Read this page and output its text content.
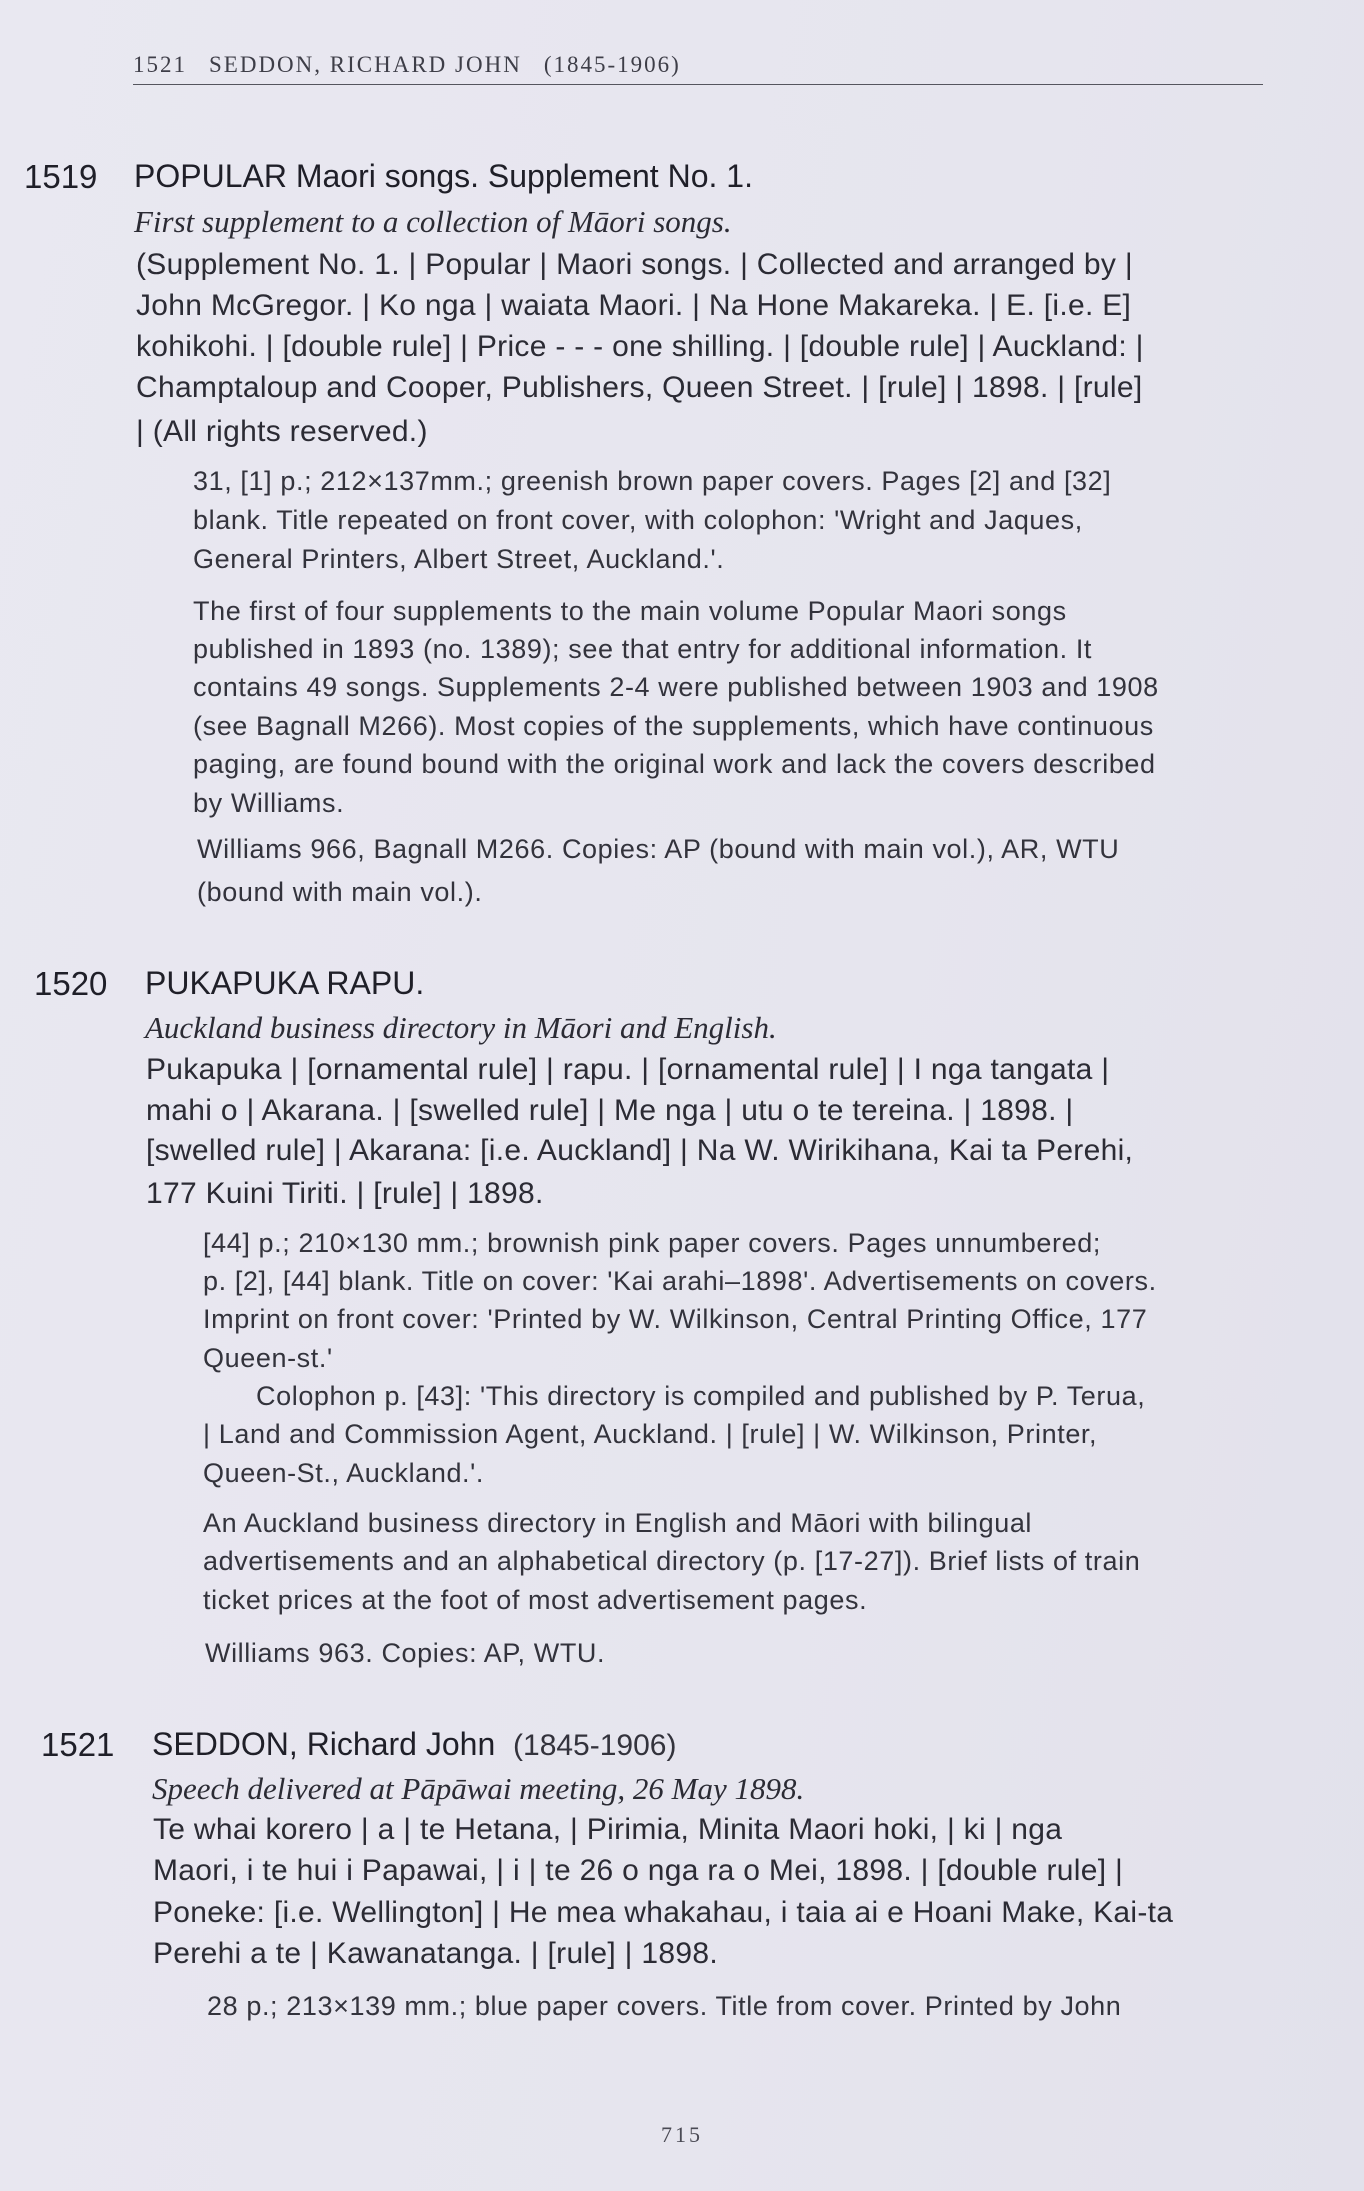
1521 SEDDON, RICHARD JOHN (1845-1906)
1519 POPULAR Maori songs. Supplement No. 1.
First supplement to a collection of Māori songs.
(Supplement No. 1. | Popular | Maori songs. | Collected and arranged by |
John McGregor. | Ko nga | waiata Maori. | Na Hone Makareka. | E. [i.e. E]
kohikohi. | [double rule] | Price - - - one shilling. | [double rule] | Auckland: |
Champtaloup and Cooper, Publishers, Queen Street. | [rule] | 1898. | [rule]
| (All rights reserved.)
31, [1] p.; 212×137mm.; greenish brown paper covers. Pages [2] and [32]
blank. Title repeated on front cover, with colophon: 'Wright and Jaques,
General Printers, Albert Street, Auckland.'.
The first of four supplements to the main volume Popular Maori songs
published in 1893 (no. 1389); see that entry for additional information. It
contains 49 songs. Supplements 2-4 were published between 1903 and 1908
(see Bagnall M266). Most copies of the supplements, which have continuous
paging, are found bound with the original work and lack the covers described
by Williams.
Williams 966, Bagnall M266. Copies: AP (bound with main vol.), AR, WTU
(bound with main vol.).
1520 PUKAPUKA RAPU.
Auckland business directory in Māori and English.
Pukapuka | [ornamental rule] | rapu. | [ornamental rule] | I nga tangata |
mahi o | Akarana. | [swelled rule] | Me nga | utu o te tereina. | 1898. |
[swelled rule] | Akarana: [i.e. Auckland] | Na W. Wirikihana, Kai ta Perehi,
177 Kuini Tiriti. | [rule] | 1898.
[44] p.; 210×130 mm.; brownish pink paper covers. Pages unnumbered;
p. [2], [44] blank. Title on cover: 'Kai arahi–1898'. Advertisements on covers.
Imprint on front cover: 'Printed by W. Wilkinson, Central Printing Office, 177
Queen-st.'
Colophon p. [43]: 'This directory is compiled and published by P. Terua,
| Land and Commission Agent, Auckland. | [rule] | W. Wilkinson, Printer,
Queen-St., Auckland.'.
An Auckland business directory in English and Māori with bilingual
advertisements and an alphabetical directory (p. [17-27]). Brief lists of train
ticket prices at the foot of most advertisement pages.
Williams 963. Copies: AP, WTU.
1521 SEDDON, Richard John (1845-1906)
Speech delivered at Pāpāwai meeting, 26 May 1898.
Te whai korero | a | te Hetana, | Pirimia, Minita Maori hoki, | ki | nga
Maori, i te hui i Papawai, | i | te 26 o nga ra o Mei, 1898. | [double rule] |
Poneke: [i.e. Wellington] | He mea whakahau, i taia ai e Hoani Make, Kai-ta
Perehi a te | Kawanatanga. | [rule] | 1898.
28 p.; 213×139 mm.; blue paper covers. Title from cover. Printed by John
715
